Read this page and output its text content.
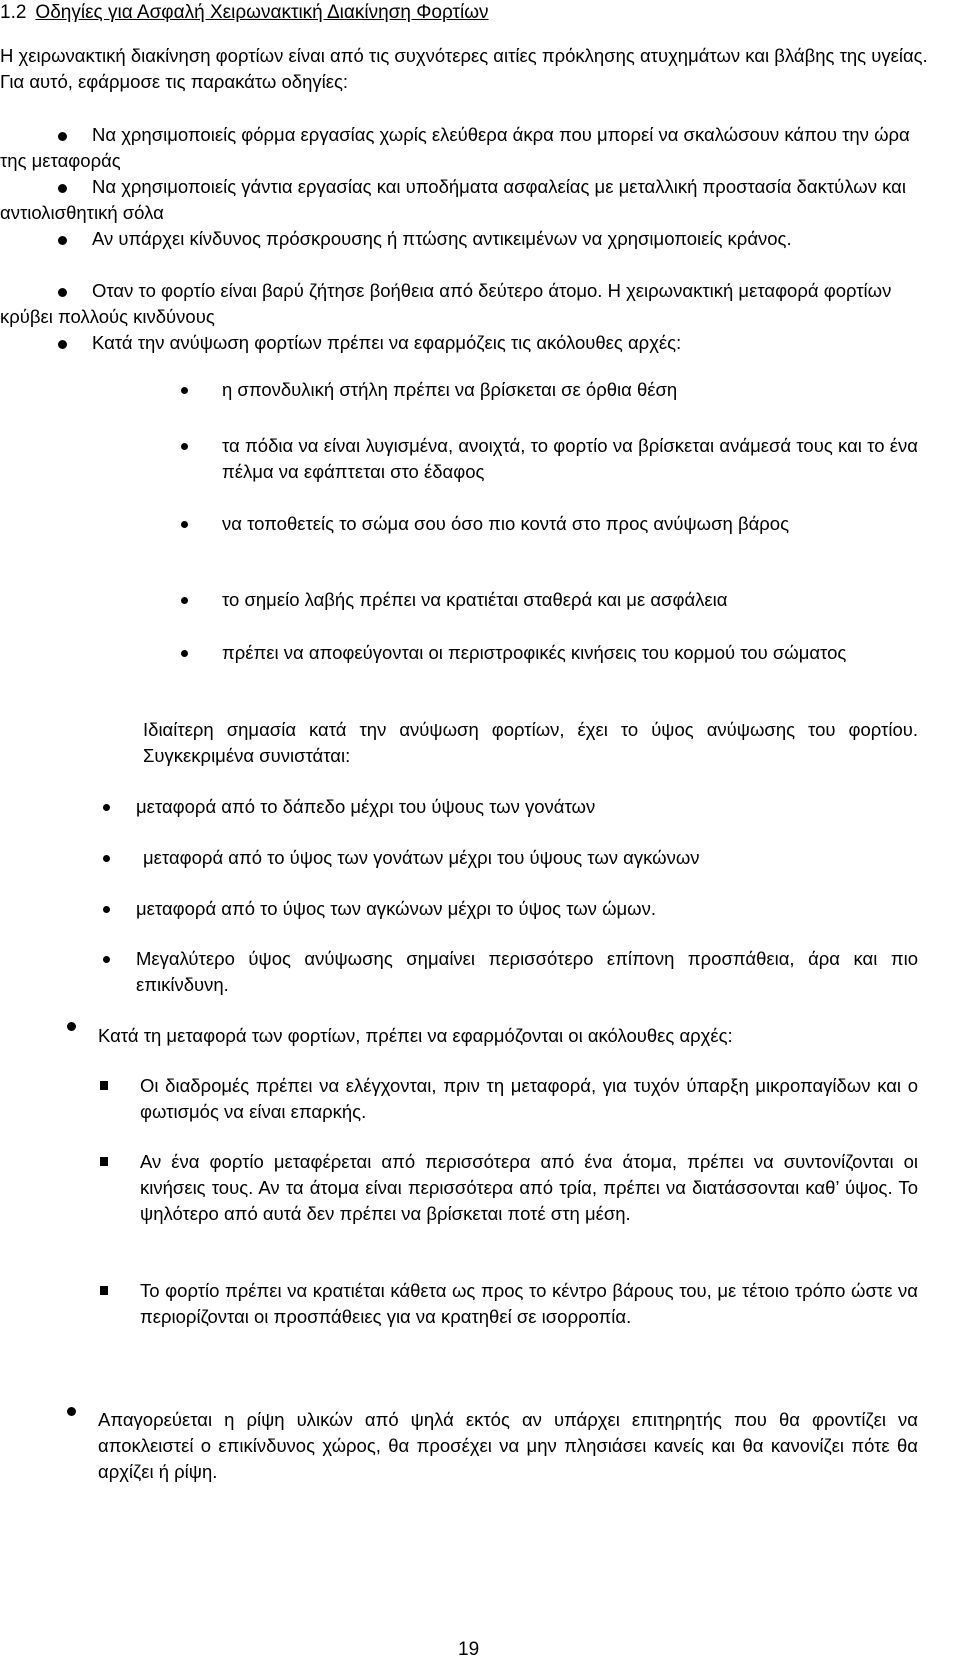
1.2 Οδηγίες για Ασφαλή Χειρωνακτική Διακίνηση Φορτίων
Η χειρωνακτική διακίνηση φορτίων είναι από τις συχνότερες αιτίες πρόκλησης ατυχημάτων και βλάβης της υγείας. Για αυτό, εφάρμοσε τις παρακάτω οδηγίες:
Να χρησιμοποιείς φόρμα εργασίας χωρίς ελεύθερα άκρα που μπορεί να σκαλώσουν κάπου την ώρα της μεταφοράς
Να χρησιμοποιείς γάντια εργασίας και υποδήματα ασφαλείας με μεταλλική προστασία δακτύλων και αντιολισθητική σόλα
Αν υπάρχει κίνδυνος πρόσκρουσης ή πτώσης αντικειμένων να χρησιμοποιείς κράνος.
Οταν το φορτίο είναι βαρύ ζήτησε βοήθεια από δεύτερο άτομο. Η χειρωνακτική μεταφορά φορτίων κρύβει πολλούς κινδύνους
Κατά την ανύψωση φορτίων πρέπει να εφαρμόζεις τις ακόλουθες αρχές:
η σπονδυλική στήλη πρέπει να βρίσκεται σε όρθια θέση
τα πόδια να είναι λυγισμένα, ανοιχτά, το φορτίο να βρίσκεται ανάμεσά τους και το ένα πέλμα να εφάπτεται στο έδαφος
να τοποθετείς το σώμα σου όσο πιο κοντά στο προς ανύψωση βάρος
το σημείο λαβής πρέπει να κρατιέται σταθερά και με ασφάλεια
πρέπει να αποφεύγονται οι περιστροφικές κινήσεις του κορμού του σώματος
Ιδιαίτερη σημασία κατά την ανύψωση φορτίων, έχει το ύψος ανύψωσης του φορτίου. Συγκεκριμένα συνιστάται:
μεταφορά από το δάπεδο μέχρι του ύψους των γονάτων
μεταφορά από το ύψος των γονάτων μέχρι του ύψους των αγκώνων
μεταφορά από το ύψος των αγκώνων μέχρι το ύψος των ώμων.
Μεγαλύτερο ύψος ανύψωσης σημαίνει περισσότερο επίπονη προσπάθεια, άρα και πιο επικίνδυνη.
Κατά τη μεταφορά των φορτίων, πρέπει να εφαρμόζονται οι ακόλουθες αρχές:
Οι διαδρομές πρέπει να ελέγχονται, πριν τη μεταφορά, για τυχόν ύπαρξη μικροπαγίδων και ο φωτισμός να είναι επαρκής.
Αν ένα φορτίο μεταφέρεται από περισσότερα από ένα άτομα, πρέπει να συντονίζονται οι κινήσεις τους. Αν τα άτομα είναι περισσότερα από τρία, πρέπει να διατάσσονται καθ’ ύψος. Το ψηλότερο από αυτά δεν πρέπει να βρίσκεται ποτέ στη μέση.
Το φορτίο πρέπει να κρατιέται κάθετα ως προς το κέντρο βάρους του, με τέτοιο τρόπο ώστε να περιορίζονται οι προσπάθειες για να κρατηθεί σε ισορροπία.
Απαγορεύεται η ρίψη υλικών από ψηλά εκτός αν υπάρχει επιτηρητής που θα φροντίζει να αποκλειστεί ο επικίνδυνος χώρος, θα προσέχει να μην πλησιάσει κανείς και θα κανονίζει πότε θα αρχίζει ή ρίψη.
19
